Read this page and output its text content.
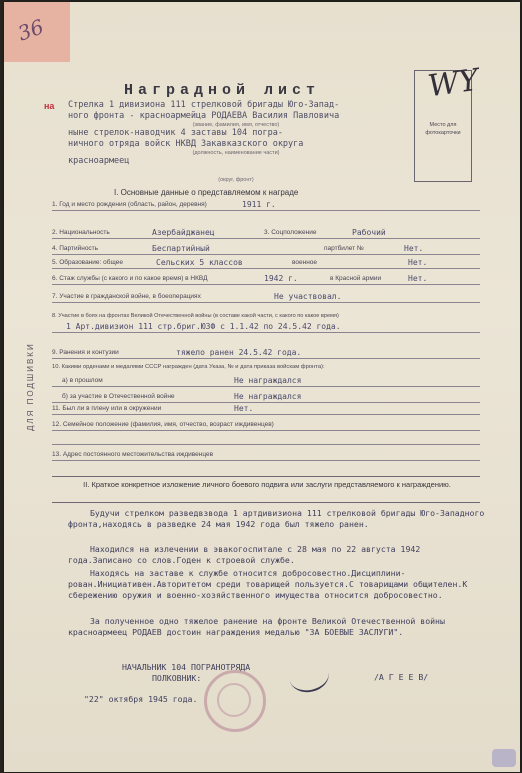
36
на
ДЛЯ ПОДШИВКИ
Наградной лист
Место для фотокарточки
WY
Стрелка 1 дивизиона 111 стрелковой бригады Юго-Запад-
ного фронта - красноармейца РОДАЕВА Василия Павловича
(звание, фамилия, имя, отчество)
ныне стрелок-наводчик 4 заставы 104 погра-
ничного отряда войск НКВД Закавказского округа
(должность, наименование части)
красноармеец
(округ, фронт)
I. Основные данные о представляемом к награде
1. Год и место рождения (область, район, деревня)	1911 г.
2. Национальность	Азербайджанец	3. Соцположение	Рабочий
4. Партийность	Беспартийный	партбилет №	Нет.
5. Образование: общее	Сельских 5 классов	военное	Нет.
6. Стаж службы (с какого и по какое время) в НКВД	1942 г.	в Красной армии	Нет.
7. Участие в гражданской войне, в боеоперациях	Не участвовал.
8. Участие в боях на фронтах Великой Отечественной войны (в составе какой части, с какого по какое время)
1 Арт.дивизион 111 стр.бриг.ЮЗФ с 1.1.42 по 24.5.42 года.
9. Ранения и контузии	тяжело ранен 24.5.42 года.
10. Какими орденами и медалями СССР награжден (дата Указа, № и дата приказа войскам фронта):
а) в прошлом	Не награждался
б) за участие в Отечественной войне	Не награждался
11. Был ли в плену или в окружении	Нет.
12. Семейное положение (фамилия, имя, отчество, возраст иждивенцев)
13. Адрес постоянного местожительства иждивенцев
II. Краткое конкретное изложение личного боевого подвига или заслуги представляемого к награждению.
Будучи стрелком разведвзвода 1 артдивизиона 111 стрелковой бригады Юго-Западного фронта,находясь в разведке 24 мая 1942 года был тяжело ранен.
Находился на излечении в эвакогоспитале с 28 мая по 22 августа 1942 года.Записано со слов.Годен к строевой службе.
Находясь на заставе к службе относится добросовестно.Дисциплини-рован.Инициативен.Авторитетом среди товарищей пользуется.С товарищами общителен.К сбережению оружия и военно-хозяйственного имущества относится добросовестно.
За полученное одно тяжелое ранение на фронте Великой Отечественной войны красноармеец РОДАЕВ достоин награждения медалью "ЗА БОЕВЫЕ ЗАСЛУГИ".
НАЧАЛЬНИК 104 ПОГРАНОТРЯДА
ПОЛКОВНИК:	/А Г Е Е В/
"22" октября 1945 года.
